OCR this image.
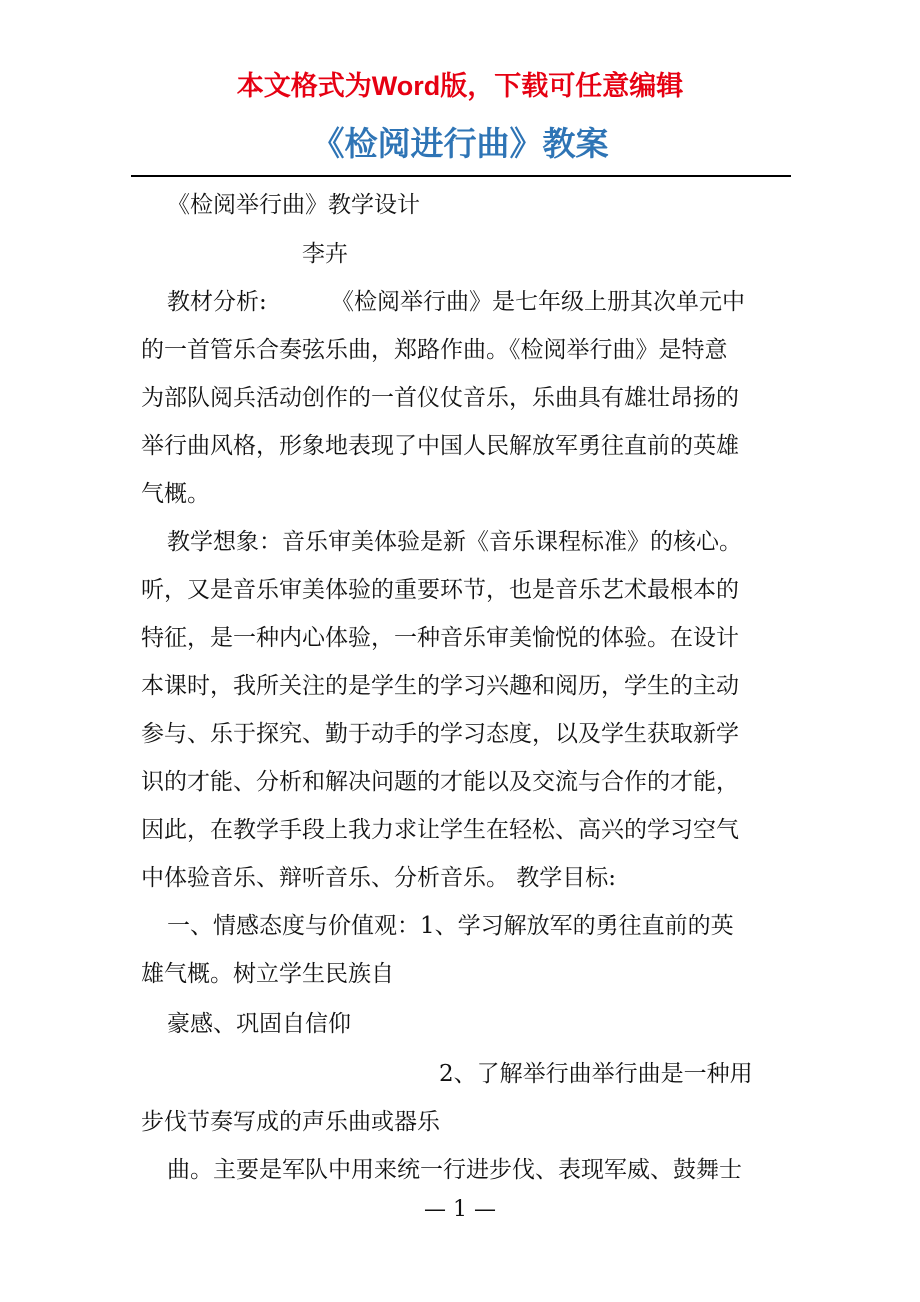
本文格式为Word版，下载可任意编辑
《检阅进行曲》教案
《检阅举行曲》教学设计
李卉
教材分析:	《检阅举行曲》是七年级上册其次单元中
的一首管乐合奏弦乐曲，郑路作曲。《检阅举行曲》是特意
为部队阅兵活动创作的一首仪仗音乐，乐曲具有雄壮昂扬的
举行曲风格，形象地表现了中国人民解放军勇往直前的英雄
气概。
教学想象：音乐审美体验是新《音乐课程标准》的核心。
听，又是音乐审美体验的重要环节，也是音乐艺术最根本的
特征，是一种内心体验，一种音乐审美愉悦的体验。在设计
本课时，我所关注的是学生的学习兴趣和阅历，学生的主动
参与、乐于探究、勤于动手的学习态度，以及学生获取新学
识的才能、分析和解决问题的才能以及交流与合作的才能，
因此，在教学手段上我力求让学生在轻松、高兴的学习空气
中体验音乐、辩听音乐、分析音乐。 教学目标:
一、情感态度与价值观：1、学习解放军的勇往直前的英
雄气概。树立学生民族自
豪感、巩固自信仰
2、了解举行曲举行曲是一种用
步伐节奏写成的声乐曲或器乐
曲。主要是军队中用来统一行进步伐、表现军威、鼓舞士
— 1 —
